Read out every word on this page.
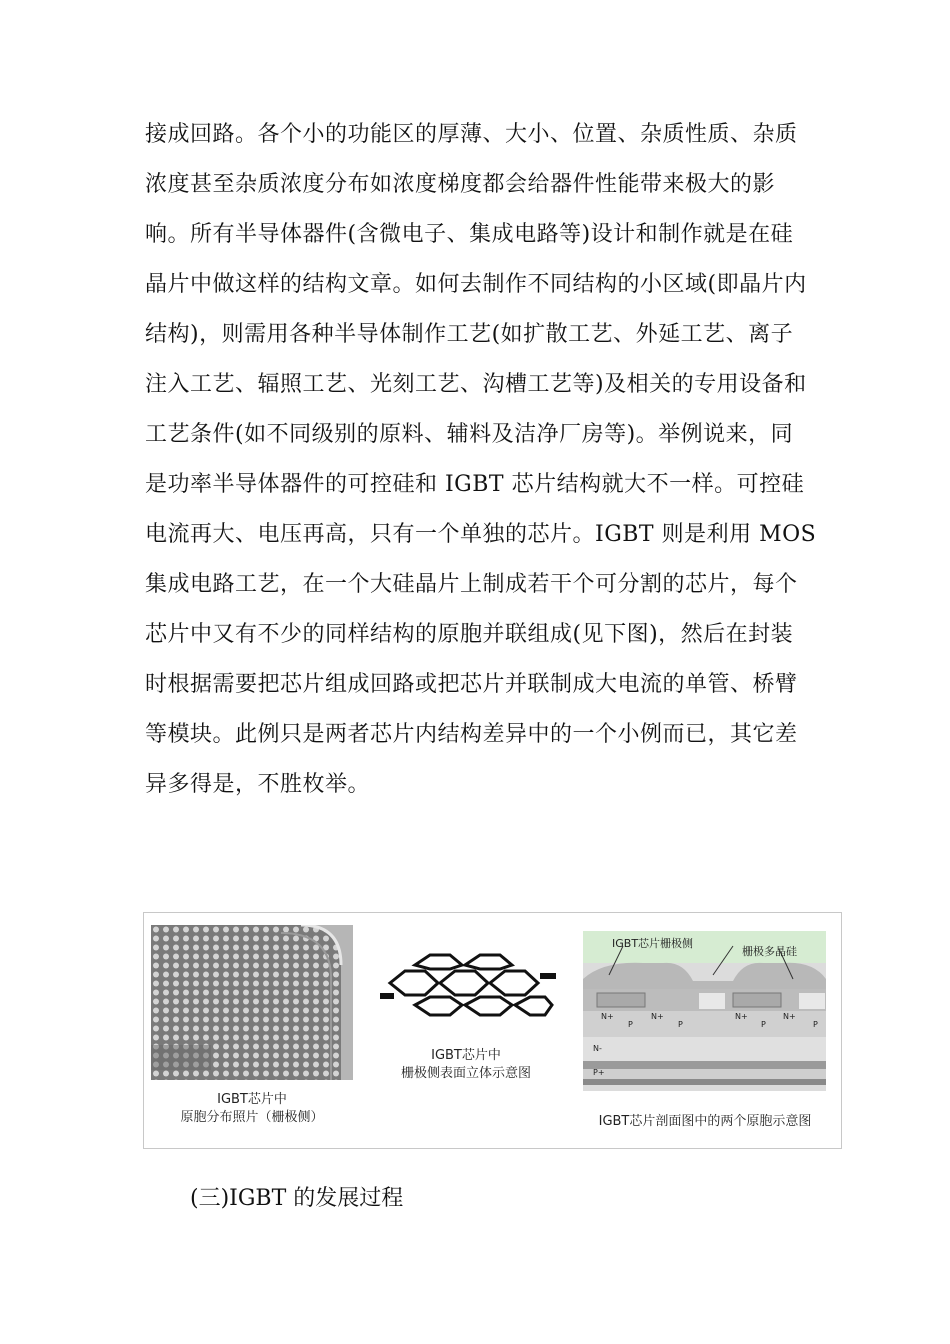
接成回路。各个小的功能区的厚薄、大小、位置、杂质性质、杂质
浓度甚至杂质浓度分布如浓度梯度都会给器件性能带来极大的影
响。所有半导体器件(含微电子、集成电路等)设计和制作就是在硅
晶片中做这样的结构文章。如何去制作不同结构的小区域(即晶片内
结构)，则需用各种半导体制作工艺(如扩散工艺、外延工艺、离子
注入工艺、辐照工艺、光刻工艺、沟槽工艺等)及相关的专用设备和
工艺条件(如不同级别的原料、辅料及洁净厂房等)。举例说来，同
是功率半导体器件的可控硅和 IGBT 芯片结构就大不一样。可控硅
电流再大、电压再高，只有一个单独的芯片。IGBT 则是利用 MOS
集成电路工艺，在一个大硅晶片上制成若干个可分割的芯片，每个
芯片中又有不少的同样结构的原胞并联组成(见下图)，然后在封装
时根据需要把芯片组成回路或把芯片并联制成大电流的单管、桥臂
等模块。此例只是两者芯片内结构差异中的一个小例而已，其它差
异多得是，不胜枚举。
IGBT芯片中
原胞分布照片（栅极侧）
IGBT芯片中
栅极侧表面立体示意图
N+	N+
P
P
N-
P+
N+	N+
P	P
IGBT芯片栅极侧
栅极多晶硅
IGBT芯片剖面图中的两个原胞示意图
(三)IGBT 的发展过程
